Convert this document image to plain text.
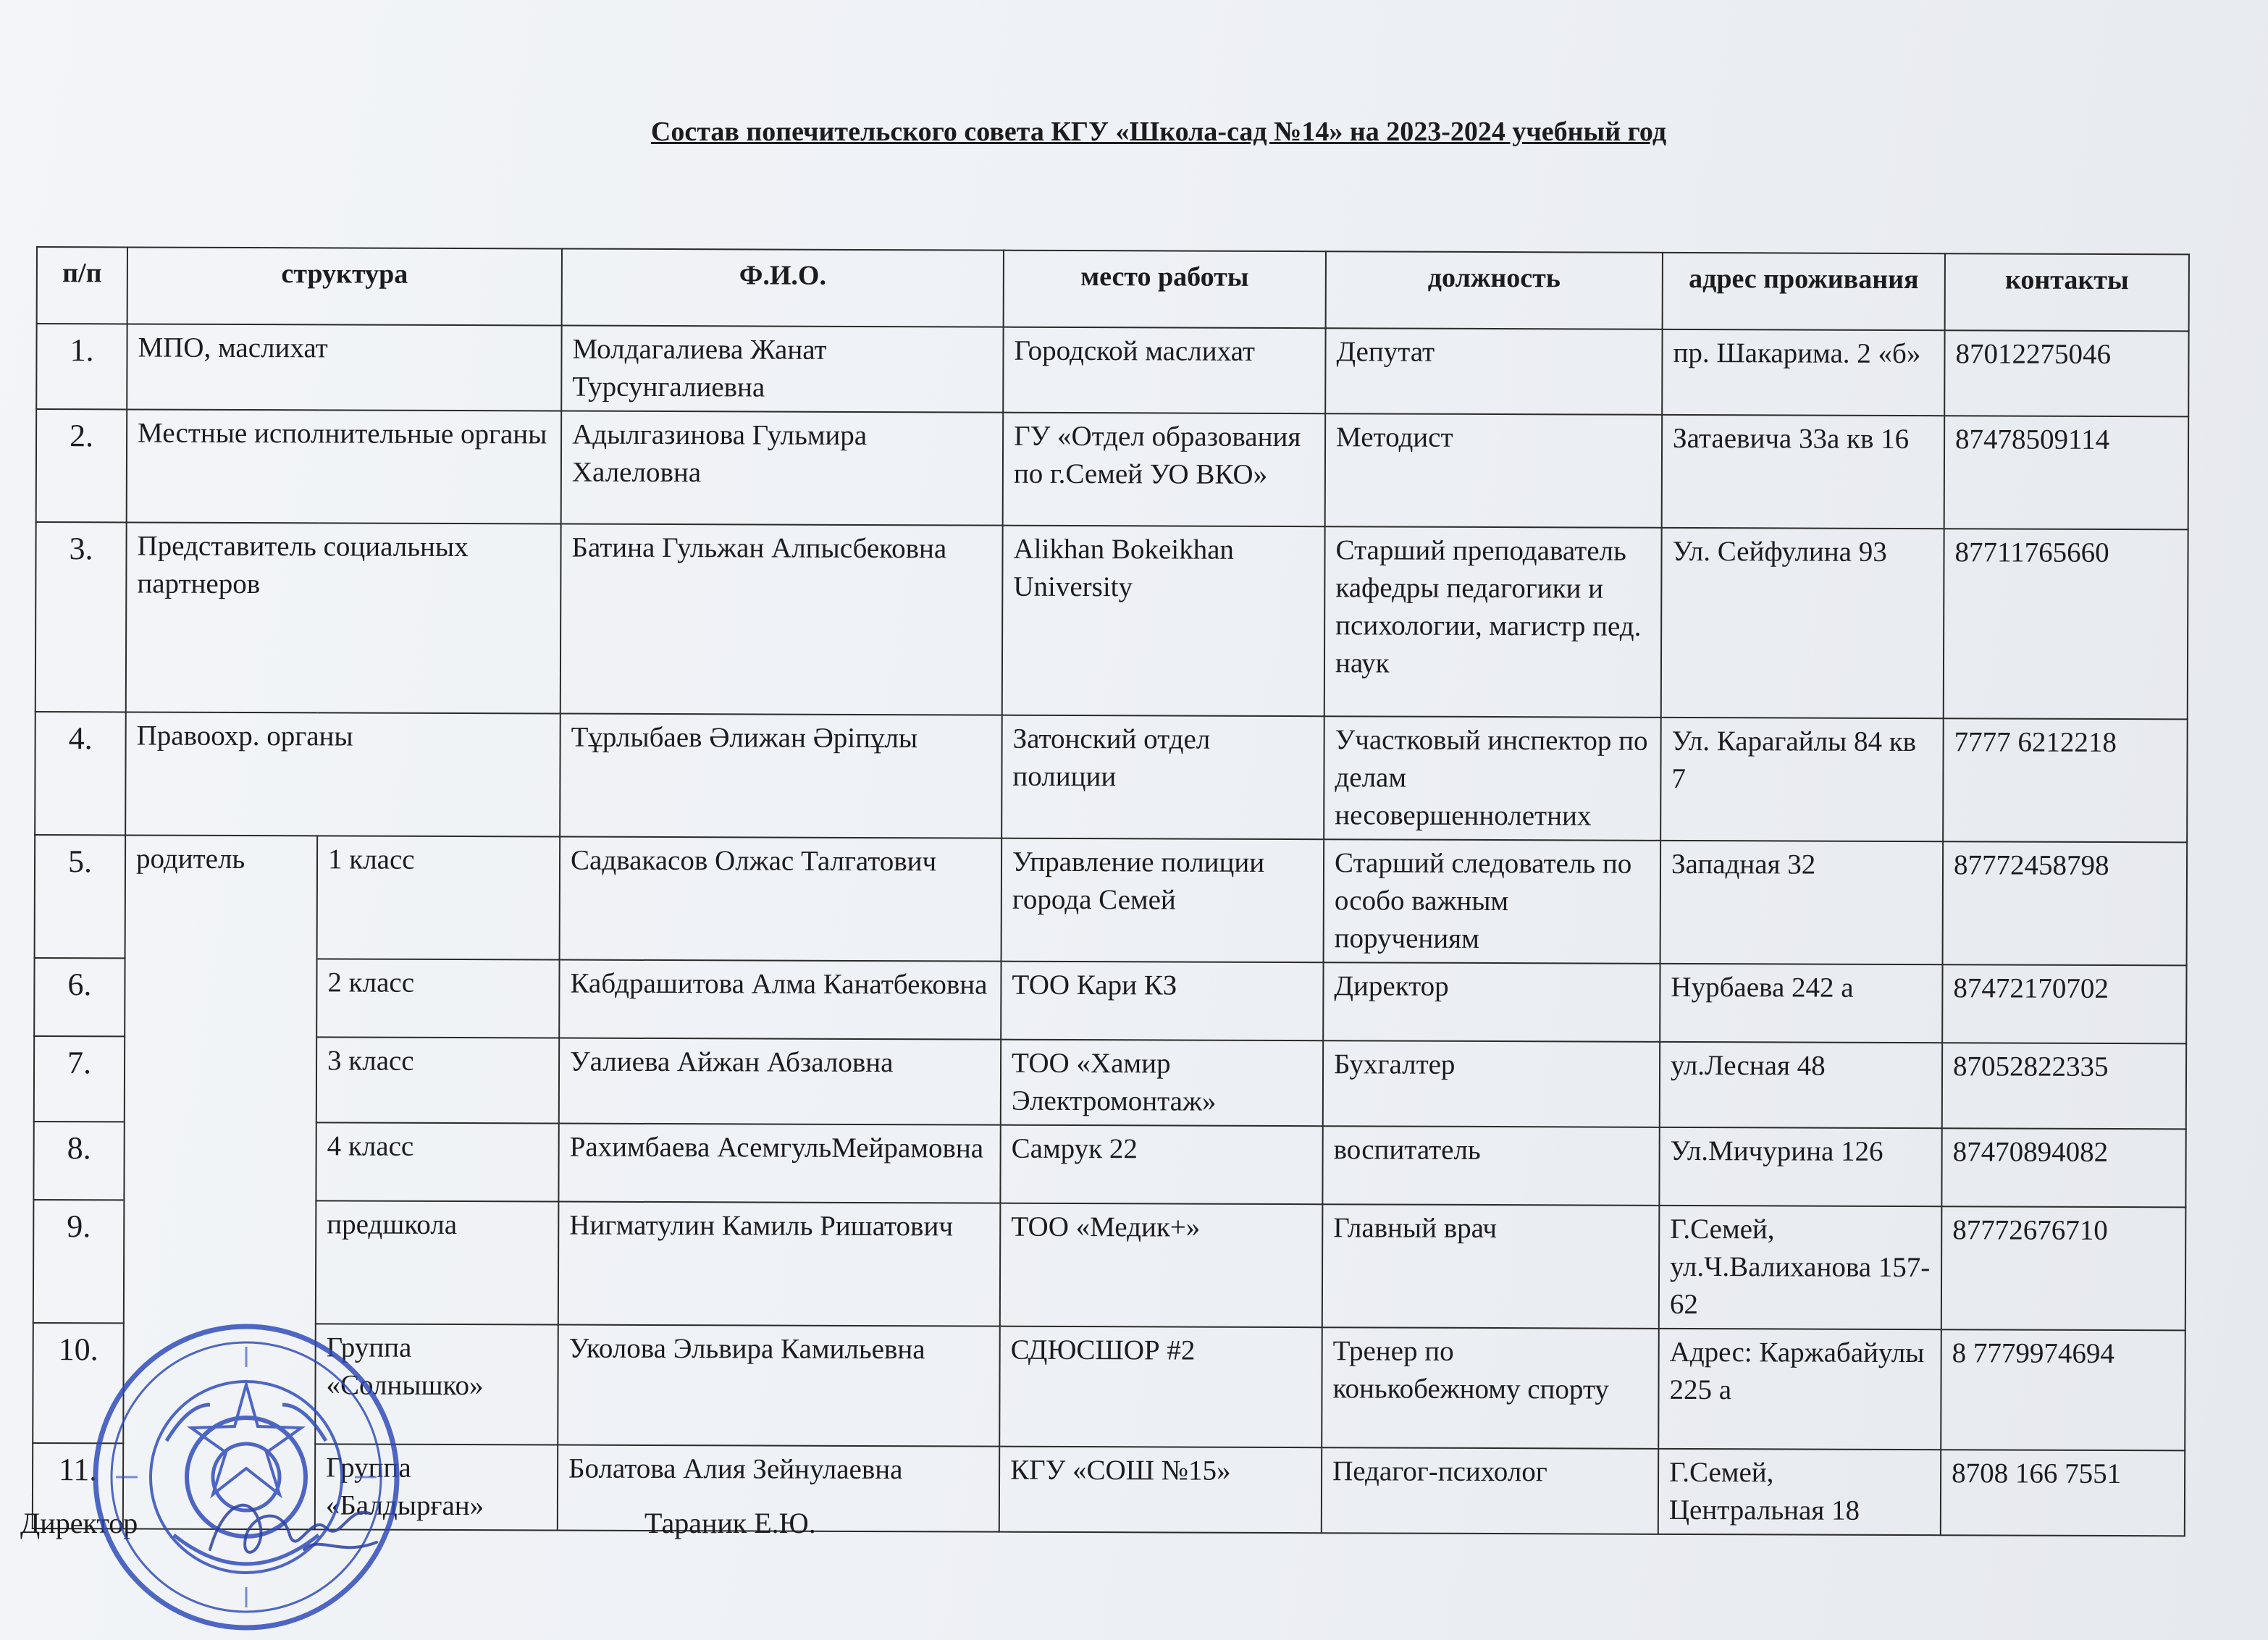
Состав попечительского совета КГУ «Школа-сад №14» на 2023-2024 учебный год
п/п	структура		Ф.И.О.	место работы	должность	адрес проживания	контакты
1.	МПО, маслихат		Молдагалиева Жанат Турсунгалиевна	Городской маслихат	Депутат	пр. Шакарима. 2 «б»	87012275046
2.	Местные исполнительные органы		Адылгазинова Гульмира Халеловна	ГУ «Отдел образования по г.Семей УО ВКО»	Методист	Затаевича 33а кв 16	87478509114
3.	Представитель социальных партнеров		Батина Гульжан Алпысбековна	Alikhan Bokeikhan University	Старший преподаватель кафедры педагогики и психологии, магистр пед. наук	Ул. Сейфулина 93	87711765660
4.	Правоохр. органы		Тұрлыбаев Әлижан Әріпұлы	Затонский отдел полиции	Участковый инспектор по делам несовершеннолетних	Ул. Карагайлы 84 кв 7	7777 6212218
5.	родитель	1 класс	Садвакасов Олжас Талгатович	Управление полиции города Семей	Старший следователь по особо важным поручениям	Западная 32	87772458798
6.		2 класс	Кабдрашитова Алма Канатбековна	ТОО Кари КЗ	Директор	Нурбаева 242 а	87472170702
7.		3 класс	Уалиева Айжан Абзаловна	ТОО «Хамир Электромонтаж»	Бухгалтер	ул.Лесная 48	87052822335
8.		4 класс	Рахимбаева АсемгульМейрамовна	Самрук 22	воспитатель	Ул.Мичурина 126	87470894082
9.		предшкола	Нигматулин Камиль Ришатович	ТОО «Медик+»	Главный врач	Г.Семей, ул.Ч.Валиханова 157-62	87772676710
10.		Группа «Солнышко»	Уколова Эльвира Камильевна	СДЮСШОР #2	Тренер по конькобежному спорту	Адрес: Каржабайулы 225 а	8 7779974694
11.		Группа «Балдырған»	Болатова Алия Зейнулаевна	КГУ «СОШ №15»	Педагог-психолог	Г.Семей, Центральная 18	8708 166 7551
Директор	Тараник Е.Ю.
